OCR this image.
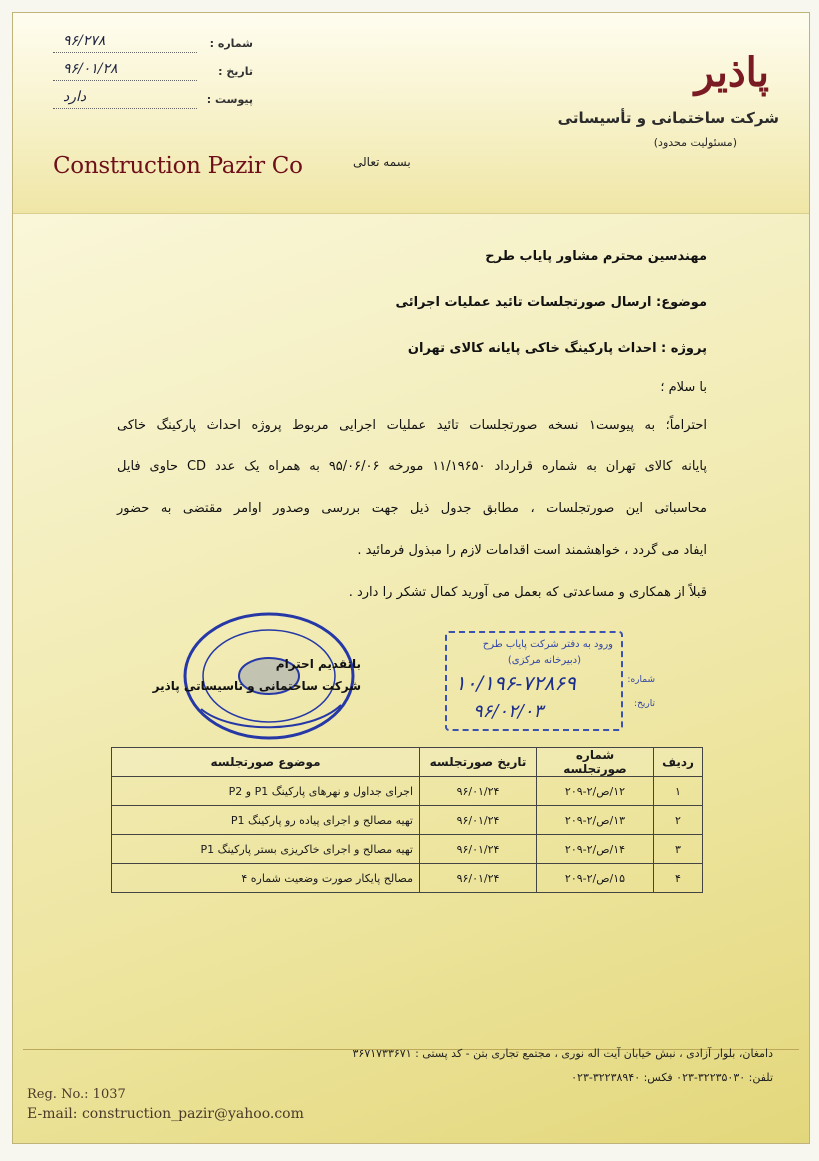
پاذیر
شرکت ساختمانی و تأسیساتی
(مسئولیت محدود)
شماره :
۹۶/۲۷۸
تاریخ :
۹۶/۰۱/۲۸
پیوست :
دارد
Construction Pazir Co	بسمه تعالی
مهندسین محترم مشاور پایاب طرح
موضوع: ارسال صورتجلسات تائید عملیات اجرائی
پروژه : احداث پارکینگ خاکی پایانه کالای تهران
با سلام ؛
احتراماً؛ به پیوست۱ نسخه صورتجلسات تائید عملیات اجرایی مربوط پروژه احداث پارکینگ خاکی
پایانه کالای تهران به شماره قرارداد ۱۱/۱۹۶۵۰ مورخه ۹۵/۰۶/۰۶ به همراه یک عدد CD حاوی فایل
محاسباتی این صورتجلسات ، مطابق جدول ذیل جهت بررسی وصدور اوامر مقتضی به حضور
ایفاد می گردد ، خواهشمند است اقدامات لازم را مبذول فرمائید .
قبلاً از همکاری و مساعدتی که بعمل می آورید کمال تشکر را دارد .
باتقدیم احترام
شرکت ساختمانی و تاسیساتی پاذیر
ورود به دفتر شرکت پایاب طرح
(دبیرخانه مرکزی)
شماره:
تاریخ:
۱۰/۱۹۶-۷۲۸۶۹
۹۶/۰۲/۰۳
ردیف	شماره صورتجلسه	تاریخ صورتجلسه	موضوع صورتجلسه
۱	۱۲/ص/۲-۲۰۹	۹۶/۰۱/۲۴	اجرای جداول و نهرهای پارکینگ P1 و P2
۲	۱۳/ص/۲-۲۰۹	۹۶/۰۱/۲۴	تهیه مصالح و اجرای پیاده رو پارکینگ P1
۳	۱۴/ص/۲-۲۰۹	۹۶/۰۱/۲۴	تهیه مصالح و اجرای خاکریزی بستر پارکینگ P1
۴	۱۵/ص/۲-۲۰۹	۹۶/۰۱/۲۴	مصالح پایکار صورت وضعیت شماره ۴
دامغان، بلوار آزادی ، نبش خیابان آیت اله نوری ، مجتمع تجاری بتن - کد پستی : ۳۶۷۱۷۳۳۶۷۱
تلفن: ۳۲۲۳۵۰۳۰-۰۲۳ فکس: ۳۲۲۳۸۹۴۰-۰۲۳
Reg. No.: 1037
E-mail: construction_pazir@yahoo.com
